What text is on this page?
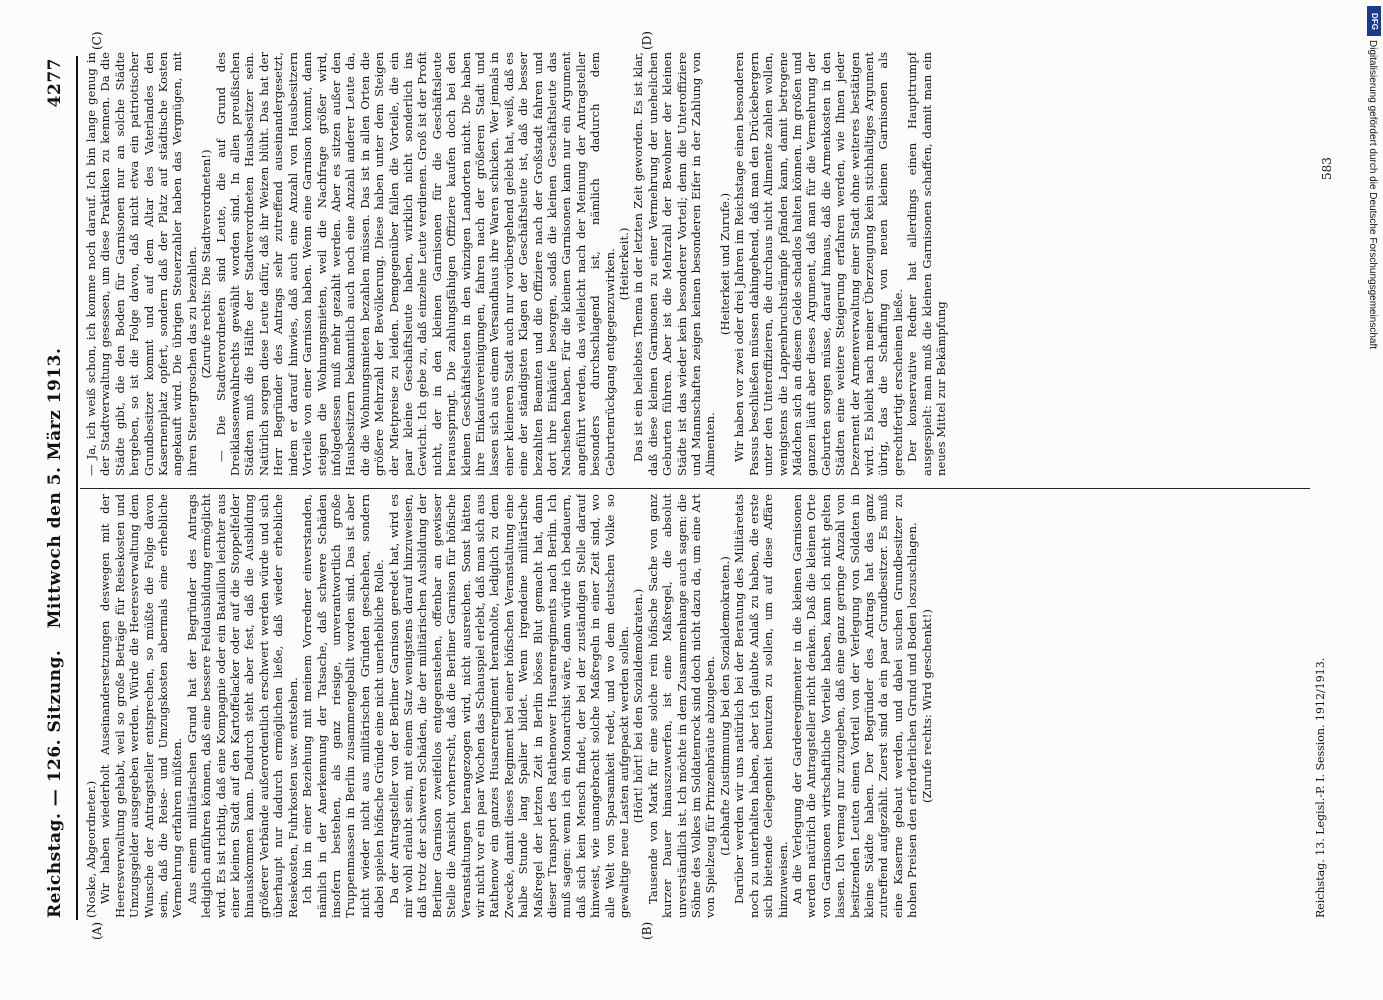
Reichstag. — 126. Sitzung.
Mittwoch den 5. März 1913.
4277
(A)	(B)
(C)	(D)

(Noske, Abgeordneter.) Wir haben wiederholt Auseinandersetzungen deswegen mit der Heeresverwaltung gehabt, weil so große Beträge für Reisekosten und Umzugsgelder ausgegeben werden. Würde die Heeresverwaltung dem Wunsche der Antragsteller entsprechen, so müßte die Folge davon sein, daß die Reise- und Umzugskosten abermals eine erhebliche Vermehrung erfahren müßten. Aus einem militärischen Grund hat der Begründer des Antrags lediglich anführen können, daß eine bessere Feldausbildung ermöglicht wird. Es ist richtig, daß eine Kompagnie oder ein Bataillon leichter aus einer kleinen Stadt auf den Kartoffelacker oder auf die Stoppelfelder hinauskommen kann. Dadurch steht aber fest, daß die Ausbildung größerer Verbände außerordentlich erschwert werden würde und sich überhaupt nur dadurch ermöglichen ließe, daß wieder erhebliche Reisekosten, Fuhrkosten usw. entstehen. Ich bin in einer Beziehung mit meinem Vorredner einverstanden, nämlich in der Anerkennung der Tatsache, daß schwere Schäden insofern bestehen, als ganz riesige, unverantwortlich große Truppenmassen in Berlin zusammengeballt worden sind. Das ist aber nicht wieder nicht aus militärischen Gründen geschehen, sondern dabei spielen höfische Gründe eine nicht unerhebliche Rolle. Da der Antragsteller von der Berliner Garnison geredet hat, wird es mir wohl erlaubt sein, mit einem Satz wenigstens darauf hinzuweisen, daß trotz der schweren Schäden, die der militärischen Ausbildung der Berliner Garnison zweifellos entgegenstehen, offenbar an gewisser Stelle die Ansicht vorherrscht, daß die Berliner Garnison für höfische Veranstaltungen herangezogen wird, nicht ausreichen. Sonst hätten wir nicht vor ein paar Wochen das Schauspiel erlebt, daß man sich aus Rathenow ein ganzes Husarenregiment heranholte, lediglich zu dem Zwecke, damit dieses Regiment bei einer höfischen Veranstaltung eine halbe Stunde lang Spalier bildet. Wenn irgendeine militärische Maßregel der letzten Zeit in Berlin böses Blut gemacht hat, dann dieser Transport des Rathenower Husarenregiments nach Berlin. Ich muß sagen: wenn ich ein Monarchist wäre, dann würde ich bedauern, daß sich kein Mensch findet, der bei der zuständigen Stelle darauf hinweist, wie unangebracht solche Maßregeln in einer Zeit sind, wo alle Welt von Sparsamkeit redet, und wo dem deutschen Volke so gewaltige neue Lasten aufgepackt werden sollen. (Hört! hört! bei den Sozialdemokraten.) Tausende von Mark für eine solche rein höfische Sache von ganz kurzer Dauer hinauszuwerfen, ist eine Maßregel, die absolut unverständlich ist. Ich möchte in dem Zusammenhange auch sagen: die Söhne des Volkes im Soldatenrock sind doch nicht dazu da, um eine Art von Spielzeug für Prinzenbräute abzugeben. (Lebhafte Zustimmung bei den Sozialdemokraten.) Darüber werden wir uns natürlich bei der Beratung des Militäretats noch zu unterhalten haben, aber ich glaubte Anlaß zu haben, die erste sich bietende Gelegenheit benutzen zu sollen, um auf diese Affäre hinzuweisen. An die Verlegung der Gardeeregimenter in die kleinen Garnisonen werden natürlich die Antragsteller nicht denken. Daß die kleinen Orte von Garnisonen wirtschaftliche Vorteile haben, kann ich nicht gelten lassen. Ich vermag nur zuzugeben, daß eine ganz geringe Anzahl von besitzenden Leuten einen Vorteil von der Verlegung von Soldaten in kleine Städte haben. Der Begründer des Antrags hat das ganz zutreffend aufgezählt. Zuerst sind da ein paar Grundbesitzer. Es muß eine Kaserne gebaut werden, und dabei suchen Grundbesitzer zu hohen Preisen den erforderlichen Grund und Boden loszuschlagen. (Zurufe rechts: Wird geschenkt!)

— Ja, ich weiß schon, ich komme noch darauf. Ich bin lange genug in der Stadtverwaltung gesessen, um diese Praktiken zu kennen. Da die Städte gibt, die den Boden für Garnisonen nur an solche Städte hergeben, so ist die Folge davon, daß nicht etwa ein patriotischer Grundbesitzer kommt und auf dem Altar des Vaterlandes den Kasernenplatz opfert, sondern daß der Platz auf städtische Kosten angekauft wird. Die übrigen Steuerzahler haben das Vergnügen, mit ihren Steuergroschen das zu bezahlen. (Zurufe rechts: Die Stadtverordneten!) — Die Stadtverordneten sind Leute, die auf Grund des Dreiklassenwahlrechts gewählt worden sind. In allen preußischen Städten muß die Hälfte der Stadtverordneten Hausbesitzer sein. Natürlich sorgen diese Leute dafür, daß ihr Weizen blüht. Das hat der Herr Begründer des Antrags sehr zutreffend auseinandergesetzt, indem er darauf hinwies, daß auch eine Anzahl von Hausbesitzern Vorteile von einer Garnison haben. Wenn eine Garnison kommt, dann steigen die Wohnungsmieten, weil die Nachfrage größer wird, infolgedessen muß mehr gezahlt werden. Aber es sitzen außer den Hausbesitzern bekanntlich auch noch eine Anzahl anderer Leute da, die die Wohnungsmieten bezahlen müssen. Das ist in allen Orten die größere Mehrzahl der Bevölkerung. Diese haben unter dem Steigen der Mietpreise zu leiden. Demgegenüber fallen die Vorteile, die ein paar kleine Geschäftsleute haben, wirklich nicht sonderlich ins Gewicht. Ich gebe zu, daß einzelne Leute verdienen. Groß ist der Profit nicht, der in den kleinen Garnisonen für die Geschäftsleute herausspringt. Die zahlungsfähigen Offiziere kaufen doch bei den kleinen Geschäftsleuten in den winzigen Landorten nicht. Die haben ihre Einkaufsvereinigungen, fahren nach der größeren Stadt und lassen sich aus einem Versandhaus ihre Waren schicken. Wer jemals in einer kleineren Stadt auch nur vorübergehend gelebt hat, weiß, daß es eine der ständigsten Klagen der Geschäftsleute ist, daß die besser bezahlten Beamten und die Offiziere nach der Großstadt fahren und dort ihre Einkäufe besorgen, sodaß die kleinen Geschäftsleute das Nachsehen haben. Für die kleinen Garnisonen kann nur ein Argument angeführt werden, das vielleicht nach der Meinung der Antragsteller besonders durchschlagend ist, nämlich dadurch dem Geburtenrückgang entgegenzuwirken. (Heiterkeit.) Das ist ein beliebtes Thema in der letzten Zeit geworden. Es ist klar, daß diese kleinen Garnisonen zu einer Vermehrung der unehelichen Geburten führen. Aber ist die Mehrzahl der Bewohner der kleinen Städte ist das wieder kein besonderer Vorteil; denn die Unteroffiziere und Mannschaften zeigen keinen besonderen Eifer in der Zahlung von Alimenten.

(Heiterkeit und Zurufe.) Wir haben vor zwei oder drei Jahren im Reichstage einen besonderen Passus beschließen müssen dahingehend, daß man den Drückebergern unter den Unteroffizieren, die durchaus nicht Alimente zahlen wollen, wenigstens die Lappenbruchsträmpfe pfänden kann, damit betrogene Mädchen sich an diesem Gelde schadlos halten können. Im großen und ganzen läuft aber dieses Argument, daß man für die Vermehrung der Geburten sorgen müsse, darauf hinaus, daß die Armenkosten in den Städten eine weitere Steigerung erfahren werden, wie Ihnen jeder Dezernent der Armenverwaltung einer Stadt ohne weiteres bestätigen wird. Es bleibt nach meiner Überzeugung kein stichhaltiges Argument übrig, das die Schaffung von neuen kleinen Garnisonen als gerechtfertigt erscheinen ließe. Der konservative Redner hat allerdings einen Haupttrumpf ausgespielt: man muß die kleinen Garnisonen schaffen, damit man ein neues Mittel zur Bekämpfung

Reichstag. 13. Legisl.-P. I. Session. 1912/1913.
583	Digitalisierung gefördert durch die Deutsche Forschungsgemeinschaft
DFG
